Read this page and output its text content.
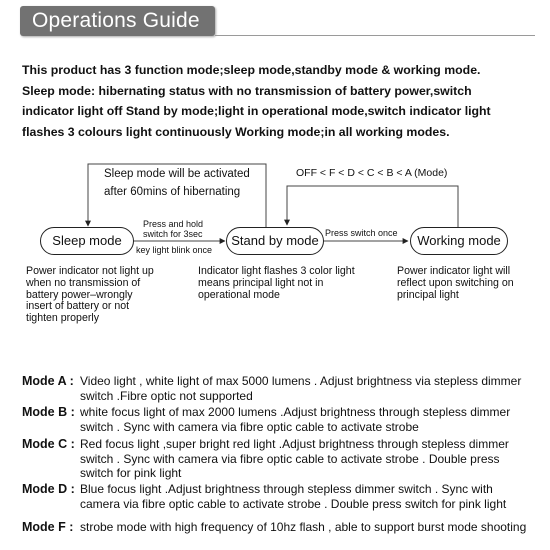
Operations Guide

This product has 3 function mode;sleep mode,standby mode & working mode.

Sleep mode: hibernating status with no transmission of battery power,switch indicator light off Stand by mode;light in operational mode,switch indicator light flashes 3 colours light continuously Working mode;in all working modes.

Sleep mode will be activated
after 60mins of hibernating
OFF < F < D < C < B < A (Mode)
Press and hold
switch for 3sec
key light blink once
Press switch once
Sleep mode	Stand by mode	Working mode
Power indicator not light up when no transmission of battery power–wrongly insert of battery or not tighten properly
Indicator light flashes 3 color light means principal light not in operational mode
Power indicator light will reflect upon switching on principal light
Mode A : Video light , white light of max 5000 lumens . Adjust brightness via stepless dimmer switch .Fibre optic not supported
Mode B : white focus light of max 2000 lumens .Adjust brightness through stepless dimmer switch . Sync with camera via fibre optic cable to activate strobe
Mode C : Red focus light ,super bright red light .Adjust brightness through stepless dimmer switch . Sync with camera via fibre optic cable to activate strobe . Double press switch for pink light
Mode D : Blue focus light .Adjust brightness through stepless dimmer switch . Sync with camera via fibre optic cable to activate strobe . Double press switch for pink light
Mode F : strobe mode with high frequency of 10hz flash , able to support burst mode shooting
